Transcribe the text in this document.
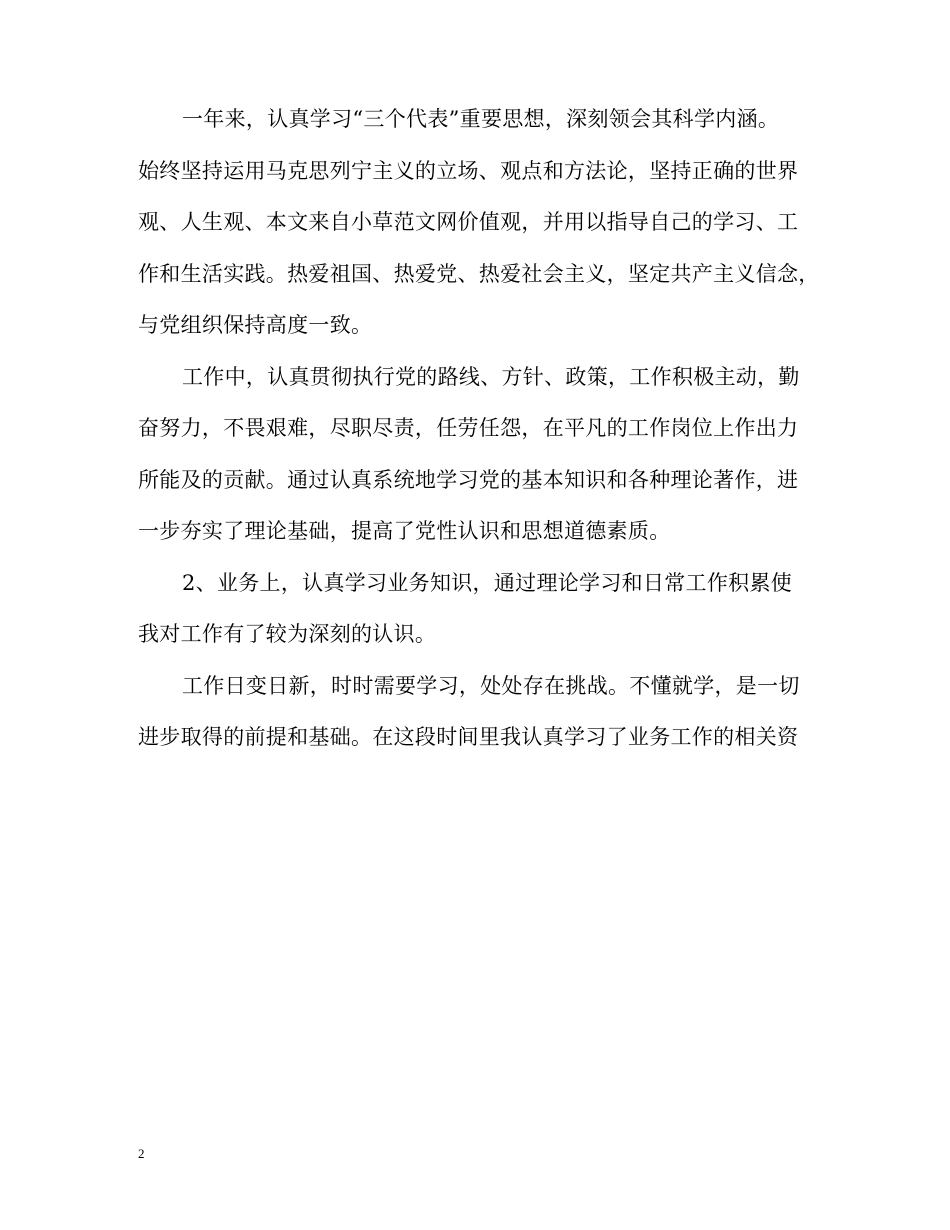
一年来，认真学习“三个代表”重要思想，深刻领会其科学内涵。
始终坚持运用马克思列宁主义的立场、观点和方法论，坚持正确的世界
观、人生观、本文来自小草范文网价值观，并用以指导自己的学习、工
作和生活实践。热爱祖国、热爱党、热爱社会主义，坚定共产主义信念，
与党组织保持高度一致。
工作中，认真贯彻执行党的路线、方针、政策，工作积极主动，勤
奋努力，不畏艰难，尽职尽责，任劳任怨，在平凡的工作岗位上作出力
所能及的贡献。通过认真系统地学习党的基本知识和各种理论著作，进
一步夯实了理论基础，提高了党性认识和思想道德素质。
2、业务上，认真学习业务知识，通过理论学习和日常工作积累使
我对工作有了较为深刻的认识。
工作日变日新，时时需要学习，处处存在挑战。不懂就学，是一切
进步取得的前提和基础。在这段时间里我认真学习了业务工作的相关资
2
